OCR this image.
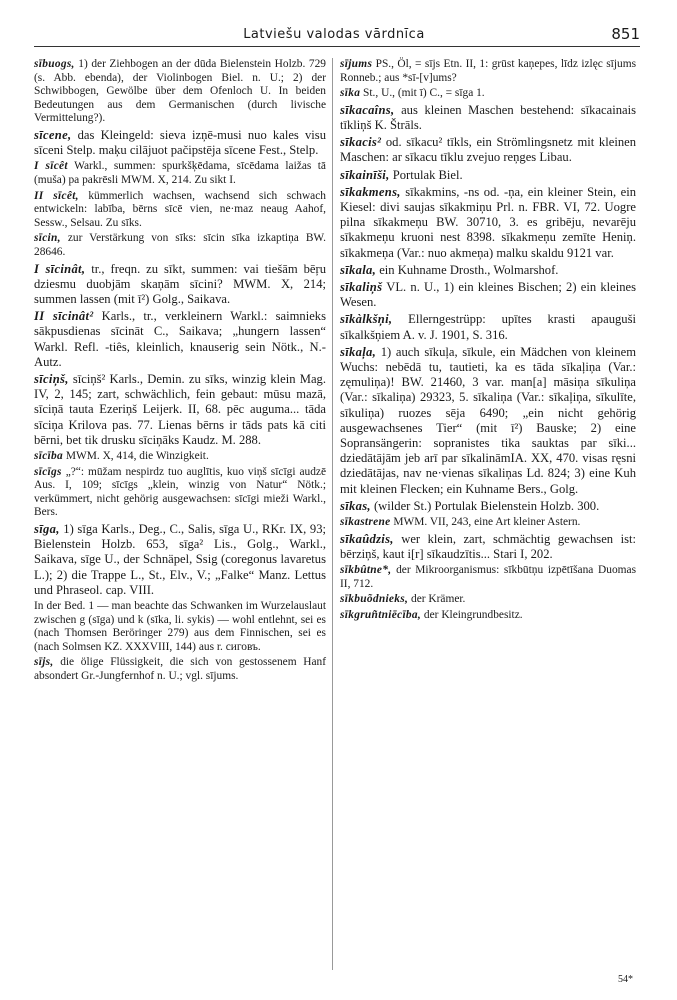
Latviešu valodas vārdnīca	851

sībuogs, 1) der Ziehbogen an der dūda Bielenstein Holzb. 729 (s. Abb. ebenda), der Violinbogen Biel. n. U.; 2) der Schwibbogen, Gewölbe über dem Ofenloch U. In beiden Bedeutungen aus dem Germanischen (durch livische Vermittelung?).

sīcene, das Kleingeld: sieva izņē-musi nuo kales visu sīceni Stelp. maķu cilājuot pačipstēja sīcene Fest., Stelp.

I sīcêt Warkl., summen: spurkšķēdama, sīcēdama laižas tā (muša) pa pakrēsli MWM. X, 214. Zu sikt I.

II sīcêt, kümmerlich wachsen, wachsend sich schwach entwickeln: labība, bērns sīcē vien, ne·maz neaug Aahof, Sessw., Selsau. Zu sīks.

sīcin, zur Verstärkung von sīks: sīcin sīka izkaptiņa BW. 28646.

I sīcinât, tr., freqn. zu sīkt, summen: vai tiešām bēŗu dziesmu duobjām skaņām sīcini? MWM. X, 214; summen lassen (mit ī²) Golg., Saikava.

II sīcinât² Karls., tr., verkleinern Warkl.: saimnieks sākpusdienas sīcināt C., Saikava; „hungern lassen“ Warkl. Refl. -tiês, kleinlich, knauserig sein Nötk., N.-Autz.

sīciņš, sīciņš² Karls., Demin. zu sīks, winzig klein Mag. IV, 2, 145; zart, schwächlich, fein gebaut: mūsu mazā, sīciņā tauta Ezeriņš Leijerk. II, 68. pēc auguma... tāda sīciņa Krilova pas. 77. Lienas bērns ir tāds pats kā citi bērni, bet tik drusku sīciņāks Kaudz. M. 288.

sīcība MWM. X, 414, die Winzigkeit.

sīcīgs „?“: mūžam nespirdz tuo auglītis, kuo viņš sīcīgi audzē Aus. I, 109; sīcīgs „klein, winzig von Natur“ Nötk.; verkümmert, nicht gehörig ausgewachsen: sīcīgi mieži Warkl., Bers.

sīga, 1) sīga Karls., Deg., C., Salis, sīga U., RKr. IX, 93; Bielenstein Holzb. 653, sīga² Lis., Golg., Warkl., Saikava, sīge U., der Schnäpel, Ssig (coregonus lavaretus L.); 2) die Trappe L., St., Elv., V.; „Falke“ Manz. Lettus und Phraseol. cap. VIII.

In der Bed. 1 — man beachte das Schwanken im Wurzelauslaut zwischen g (sīga) und k (sīka, li. sykis) — wohl entlehnt, sei es (nach Thomsen Beröringer 279) aus dem Finnischen, sei es (nach Solmsen KZ. XXXVIII, 144) aus r. сиговъ.

sījs, die ölige Flüssigkeit, die sich von gestossenem Hanf absondert Gr.-Jungfernhof n. U.; vgl. sījums.

sījums PS., Öl, = sījs Etn. II, 1: grūst kaņepes, līdz izlęc sījums Ronneb.; aus *sī-[v]ums?

sīka St., U., (mit ī) C., = sīga 1.

sīkacaîns, aus kleinen Maschen bestehend: sīkacainais tīkliņš K. Štrāls.

sīkacis² od. sīkacu² tīkls, ein Strömlingsnetz mit kleinen Maschen: ar sīkacu tīklu zvejuo reņges Libau.

sīkainīši, Portulak Biel.

sīkakmens, sīkakmins, -ns od. -ņa, ein kleiner Stein, ein Kiesel: divi saujas sīkakmiņu Prl. n. FBR. VI, 72. Uogre pilna sīkakmeņu BW. 30710, 3. es gribēju, nevarēju sīkakmeņu kruoni nest 8398. sīkakmeņu zemīte Heniņ. sīkakmeņa (Var.: nuo akmeņa) malku skaldu 9121 var.

sīkala, ein Kuhname Drosth., Wolmarshof.

sīkaliņš VL. n. U., 1) ein kleines Bischen; 2) ein kleines Wesen.

sīkàlkšņi, Ellerngestrüpp: upītes krasti apauguši sīkalkšņiem A. v. J. 1901, S. 316.

sīkaļa, 1) auch sīkuļa, sīkule, ein Mädchen von kleinem Wuchs: nebēdā tu, tautieti, ka es tāda sīkaļiņa (Var.: zęmuliņa)! BW. 21460, 3 var. man[a] māsiņa sīkuliņa (Var.: sīkaliņa) 29323, 5. sīkaliņa (Var.: sīkaļiņa, sīkulīte, sīkuliņa) ruozes sēja 6490; „ein nicht gehörig ausgewachsenes Tier“ (mit ī²) Bauske; 2) eine Sopransängerin: sopranistes tika sauktas par sīki... dziedātājām jeb arī par sīkalināmIA. XX, 470. visas ręsni dziedātājas, nav ne·vienas sīkaliņas Ld. 824; 3) eine Kuh mit kleinen Flecken; ein Kuhname Bers., Golg.

sīkas, (wilder St.) Portulak Bielenstein Holzb. 300.

sīkastrene MWM. VII, 243, eine Art kleiner Astern.

sīkaûdzis, wer klein, zart, schmächtig gewachsen ist: bērziņš, kaut i[r] sīkaudzītis... Stari I, 202.

sīkbûtne*, der Mikroorganismus: sīkbūtņu izpētīšana Duomas II, 712.

sīkbuõdnieks, der Krämer.

sīkgruñtniēcība, der Kleingrundbesitz.

54*
